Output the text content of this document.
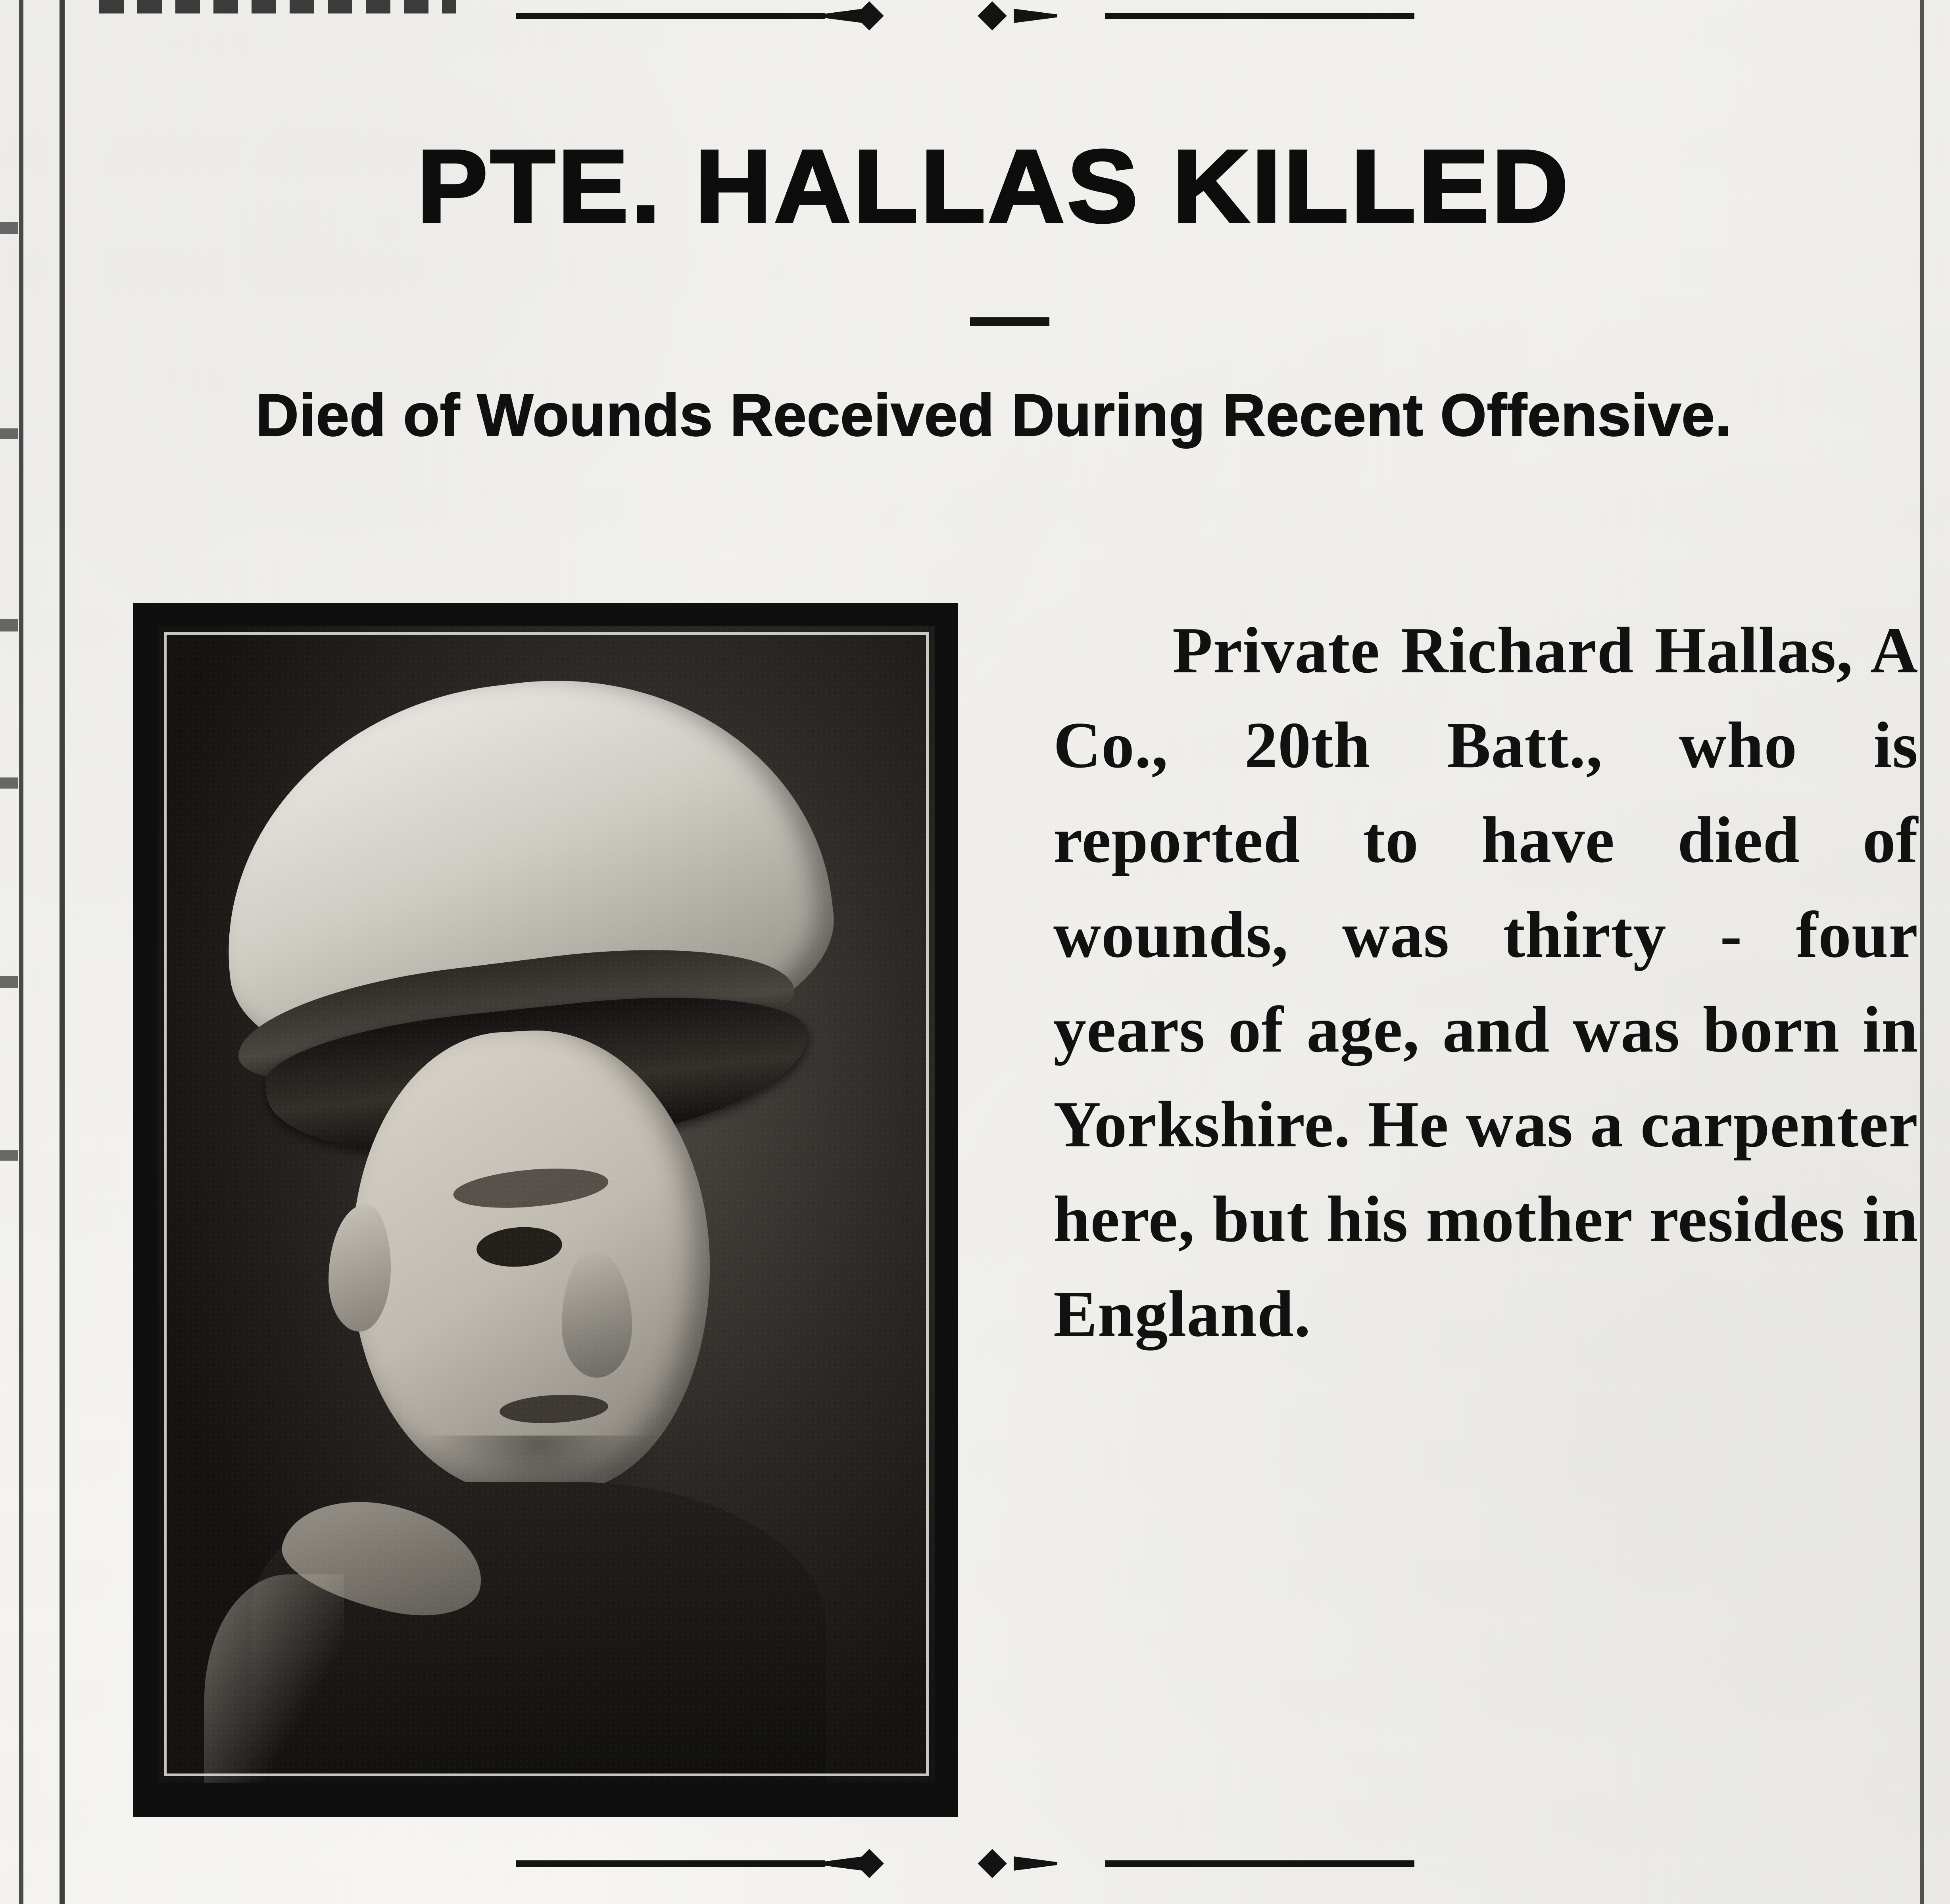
PTE. HALLAS KILLED
Died of Wounds Received During Recent Offensive.

Private Richard Hallas, A Co., 20th Batt., who is reported to have died of wounds, was thirty - four years of age, and was born in Yorkshire. He was a carpenter here, but his mother resides in England.
